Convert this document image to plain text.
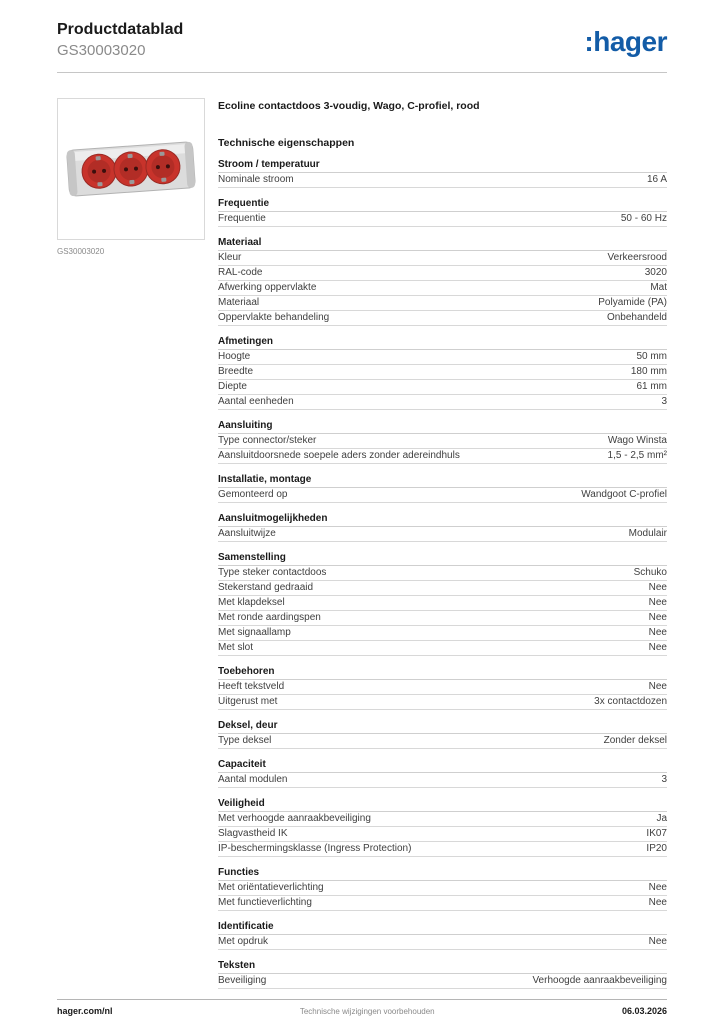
Productdatablad
GS30003020	:hager
GS30003020
Ecoline contactdoos 3-voudig, Wago, C-profiel, rood
Technische eigenschappen
Stroom / temperatuur
Nominale stroom	16 A
Frequentie
Frequentie	50 - 60 Hz
Materiaal
Kleur	Verkeersrood
RAL-code	3020
Afwerking oppervlakte	Mat
Materiaal	Polyamide (PA)
Oppervlakte behandeling	Onbehandeld
Afmetingen
Hoogte	50 mm
Breedte	180 mm
Diepte	61 mm
Aantal eenheden	3
Aansluiting
Type connector/steker	Wago Winsta
Aansluitdoorsnede soepele aders zonder adereindhuls	1,5 - 2,5 mm²
Installatie, montage
Gemonteerd op	Wandgoot C-profiel
Aansluitmogelijkheden
Aansluitwijze	Modulair
Samenstelling
Type steker contactdoos	Schuko
Stekerstand gedraaid	Nee
Met klapdeksel	Nee
Met ronde aardingspen	Nee
Met signaallamp	Nee
Met slot	Nee
Toebehoren
Heeft tekstveld	Nee
Uitgerust met	3x contactdozen
Deksel, deur
Type deksel	Zonder deksel
Capaciteit
Aantal modulen	3
Veiligheid
Met verhoogde aanraakbeveiliging	Ja
Slagvastheid IK	IK07
IP-beschermingsklasse (Ingress Protection)	IP20
Functies
Met oriëntatieverlichting	Nee
Met functieverlichting	Nee
Identificatie
Met opdruk	Nee
Teksten
Beveiliging	Verhoogde aanraakbeveiliging
hager.com/nl	Technische wijzigingen voorbehouden	06.03.2026
